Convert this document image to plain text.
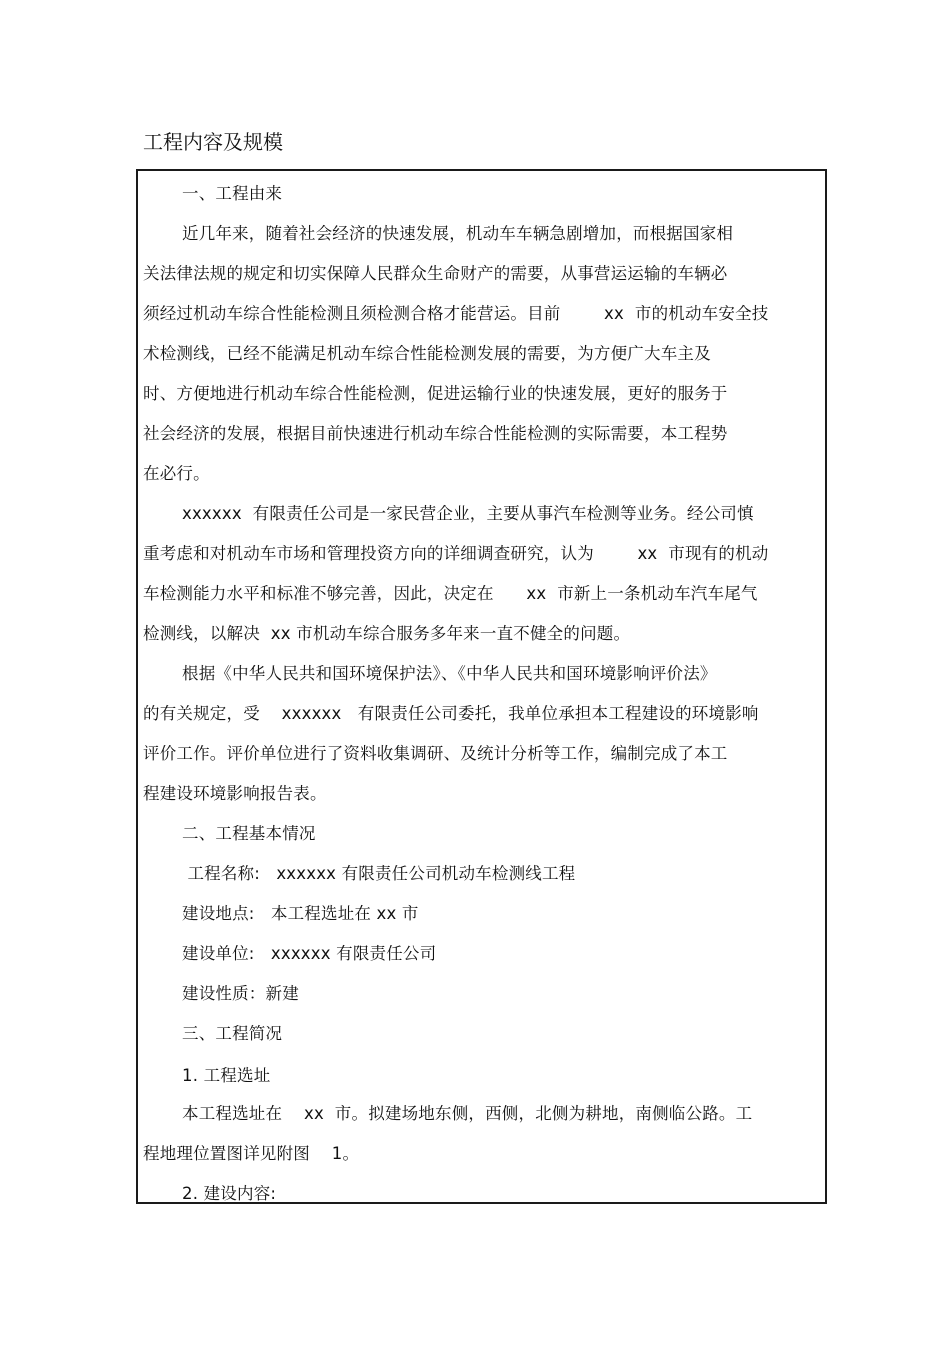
工程内容及规模
一、工程由来
近几年来，随着社会经济的快速发展，机动车车辆急剧增加，而根据国家相
关法律法规的规定和切实保障人民群众生命财产的需要，从事营运运输的车辆必
须经过机动车综合性能检测且须检测合格才能营运。目前        xx  市的机动车安全技
术检测线，已经不能满足机动车综合性能检测发展的需要，为方便广大车主及
时、方便地进行机动车综合性能检测，促进运输行业的快速发展，更好的服务于
社会经济的发展，根据目前快速进行机动车综合性能检测的实际需要，本工程势
在必行。
xxxxxx  有限责任公司是一家民营企业，主要从事汽车检测等业务。经公司慎
重考虑和对机动车市场和管理投资方向的详细调查研究，认为        xx  市现有的机动
车检测能力水平和标准不够完善，因此，决定在      xx  市新上一条机动车汽车尾气
检测线，以解决  xx 市机动车综合服务多年来一直不健全的问题。
根据《中华人民共和国环境保护法》、《中华人民共和国环境影响评价法》
的有关规定，受    xxxxxx   有限责任公司委托，我单位承担本工程建设的环境影响
评价工作。评价单位进行了资料收集调研、及统计分析等工作，编制完成了本工
程建设环境影响报告表。
二、工程基本情况
工程名称:   xxxxxx 有限责任公司机动车检测线工程
建设地点:   本工程选址在 xx 市
建设单位:   xxxxxx 有限责任公司
建设性质：新建
三、工程简况
1. 工程选址
本工程选址在    xx  市。拟建场地东侧，西侧，北侧为耕地，南侧临公路。工
程地理位置图详见附图    1。
2. 建设内容:
